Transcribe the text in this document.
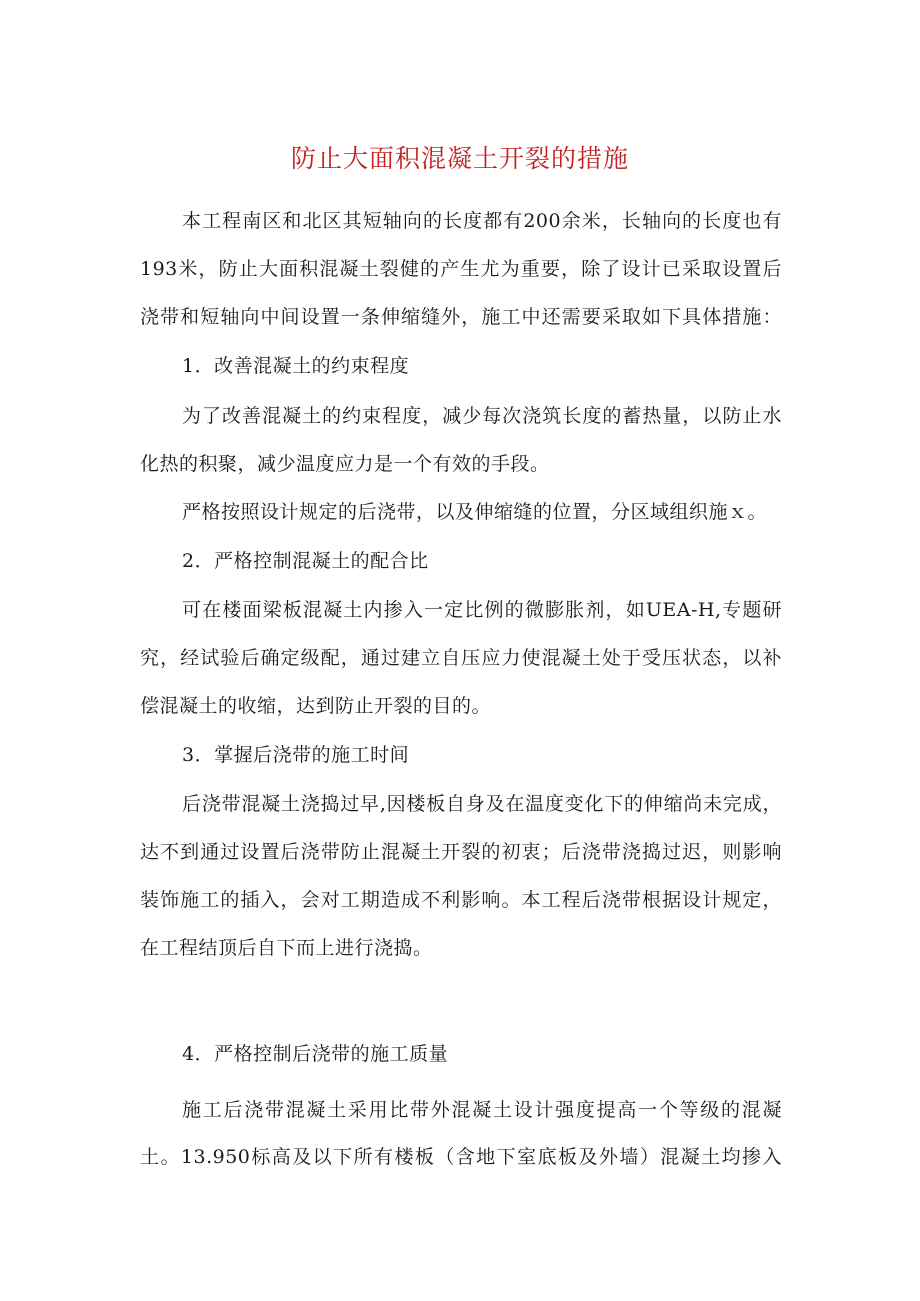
防止大面积混凝土开裂的措施
本工程南区和北区其短轴向的长度都有200余米，长轴向的长度也有
193米，防止大面积混凝土裂健的产生尤为重要，除了设计已采取设置后
浇带和短轴向中间设置一条伸缩缝外，施工中还需要采取如下具体措施：
1．改善混凝土的约束程度
为了改善混凝土的约束程度，减少每次浇筑长度的蓄热量，以防止水
化热的积聚，减少温度应力是一个有效的手段。
严格按照设计规定的后浇带，以及伸缩缝的位置，分区域组织施ｘ。
2．严格控制混凝土的配合比
可在楼面梁板混凝土内掺入一定比例的微膨胀剂，如UEA-H,专题研
究，经试验后确定级配，通过建立自压应力使混凝土处于受压状态，以补
偿混凝土的收缩，达到防止开裂的目的。
3．掌握后浇带的施工时间
后浇带混凝土浇捣过早,因楼板自身及在温度变化下的伸缩尚未完成，
达不到通过设置后浇带防止混凝土开裂的初衷；后浇带浇捣过迟，则影响
装饰施工的插入，会对工期造成不利影响。本工程后浇带根据设计规定，
在工程结顶后自下而上进行浇捣。
4．严格控制后浇带的施工质量
施工后浇带混凝土采用比带外混凝土设计强度提高一个等级的混凝
土。13.950标高及以下所有楼板（含地下室底板及外墙）混凝土均掺入
